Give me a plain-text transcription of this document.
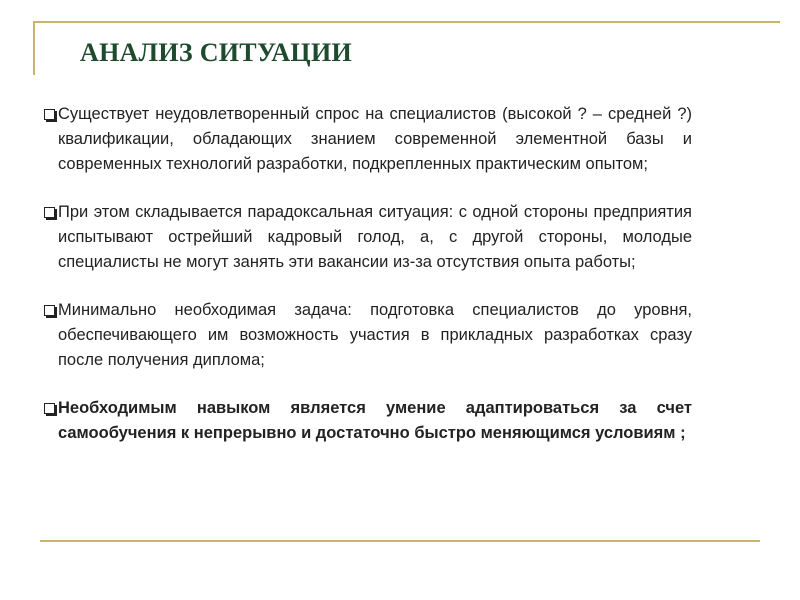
АНАЛИЗ СИТУАЦИИ
Существует неудовлетворенный спрос на специалистов (высокой ? – средней ?) квалификации, обладающих знанием современной элементной базы и современных технологий разработки, подкрепленных практическим опытом;
При этом складывается парадоксальная ситуация: с одной стороны предприятия испытывают острейший кадровый голод, а, с другой стороны, молодые специалисты не могут занять эти вакансии из-за отсутствия опыта работы;
Минимально необходимая задача: подготовка специалистов до уровня, обеспечивающего им возможность участия в прикладных разработках сразу после получения диплома;
Необходимым навыком является умение адаптироваться за счет самообучения к непрерывно и достаточно быстро меняющимся условиям ;
